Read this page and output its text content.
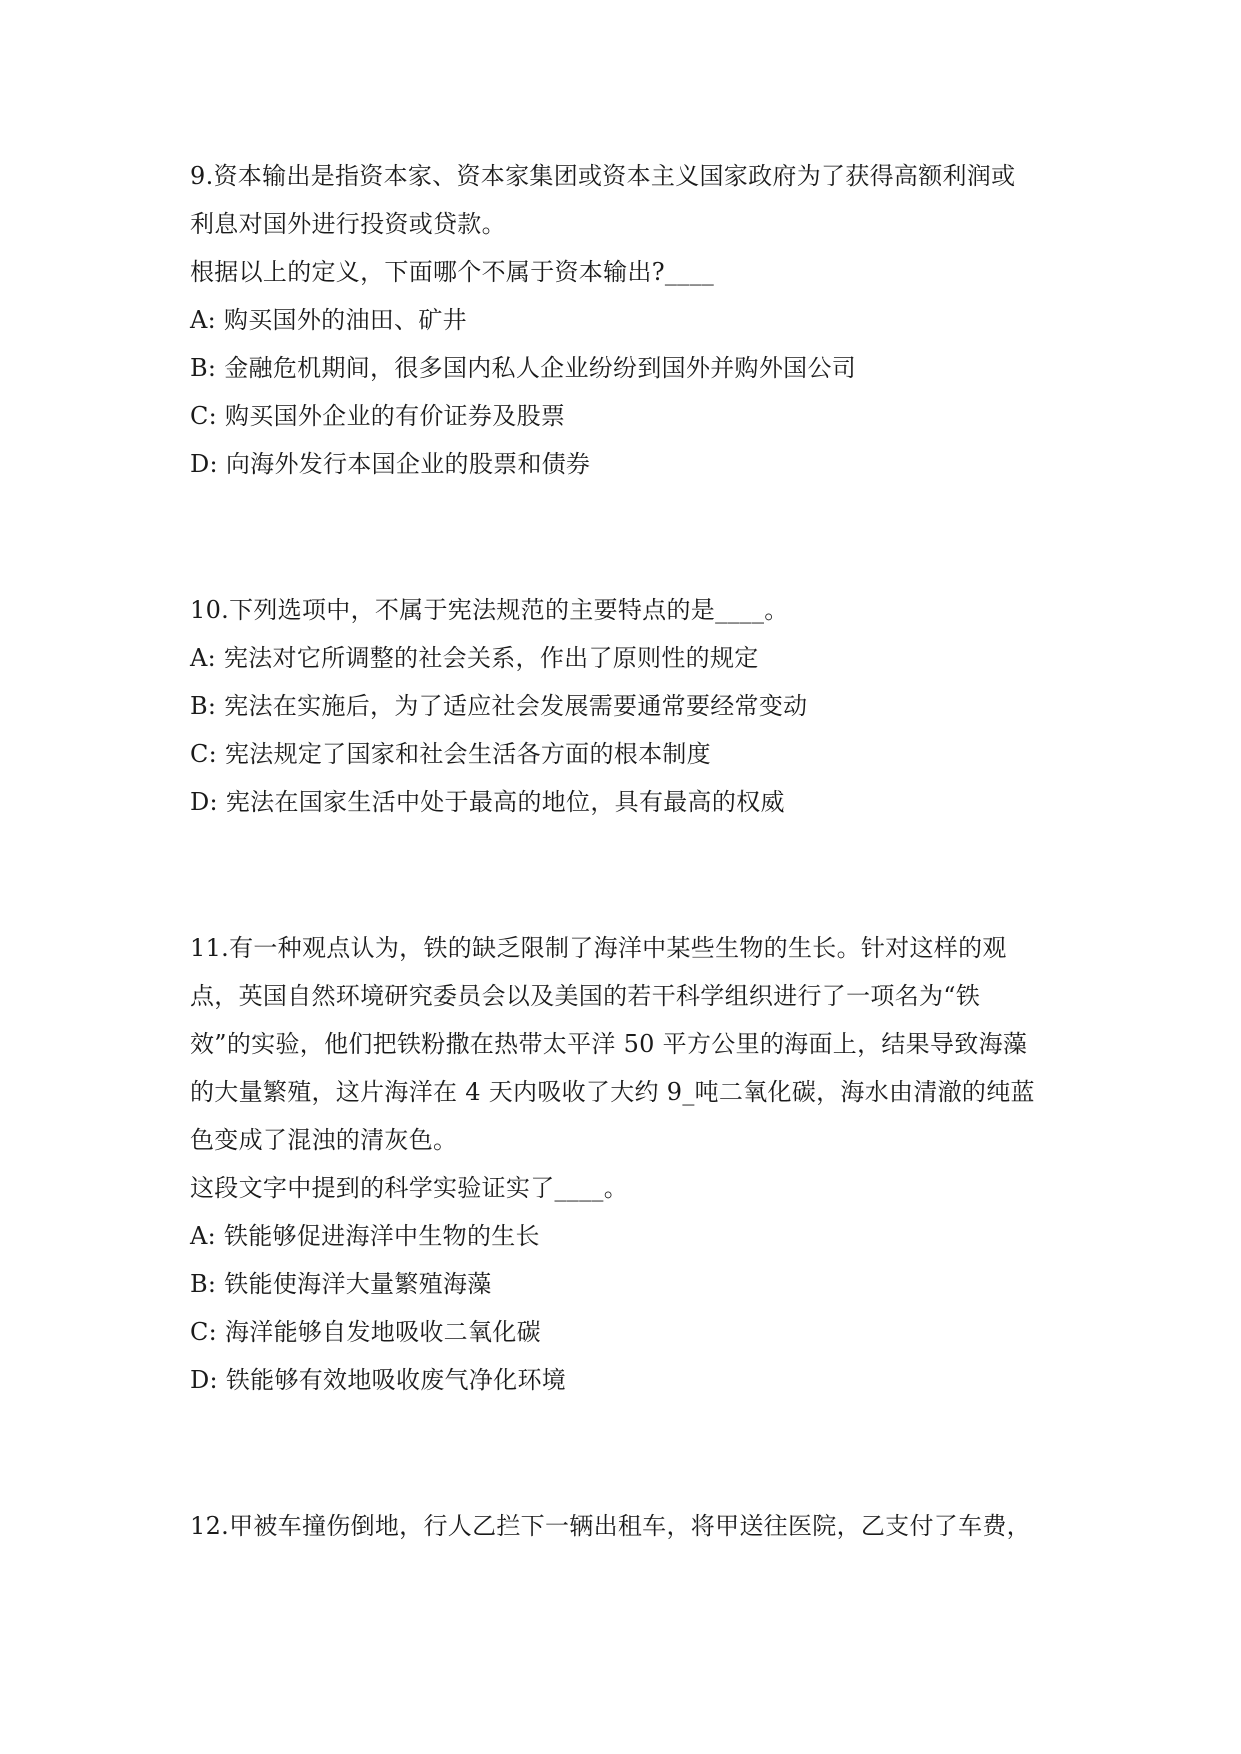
9.资本输出是指资本家、资本家集团或资本主义国家政府为了获得高额利润或

利息对国外进行投资或贷款。

根据以上的定义，下面哪个不属于资本输出?____

A: 购买国外的油田、矿井

B: 金融危机期间，很多国内私人企业纷纷到国外并购外国公司

C: 购买国外企业的有价证券及股票

D: 向海外发行本国企业的股票和债券

10.下列选项中，不属于宪法规范的主要特点的是____。

A: 宪法对它所调整的社会关系，作出了原则性的规定

B: 宪法在实施后，为了适应社会发展需要通常要经常变动

C: 宪法规定了国家和社会生活各方面的根本制度

D: 宪法在国家生活中处于最高的地位，具有最高的权威

11.有一种观点认为，铁的缺乏限制了海洋中某些生物的生长。针对这样的观

点，英国自然环境研究委员会以及美国的若干科学组织进行了一项名为“铁

效”的实验，他们把铁粉撒在热带太平洋 50 平方公里的海面上，结果导致海藻

的大量繁殖，这片海洋在 4 天内吸收了大约 9_吨二氧化碳，海水由清澈的纯蓝

色变成了混浊的清灰色。

这段文字中提到的科学实验证实了____。

A: 铁能够促进海洋中生物的生长

B: 铁能使海洋大量繁殖海藻

C: 海洋能够自发地吸收二氧化碳

D: 铁能够有效地吸收废气净化环境

12.甲被车撞伤倒地，行人乙拦下一辆出租车，将甲送往医院，乙支付了车费，
